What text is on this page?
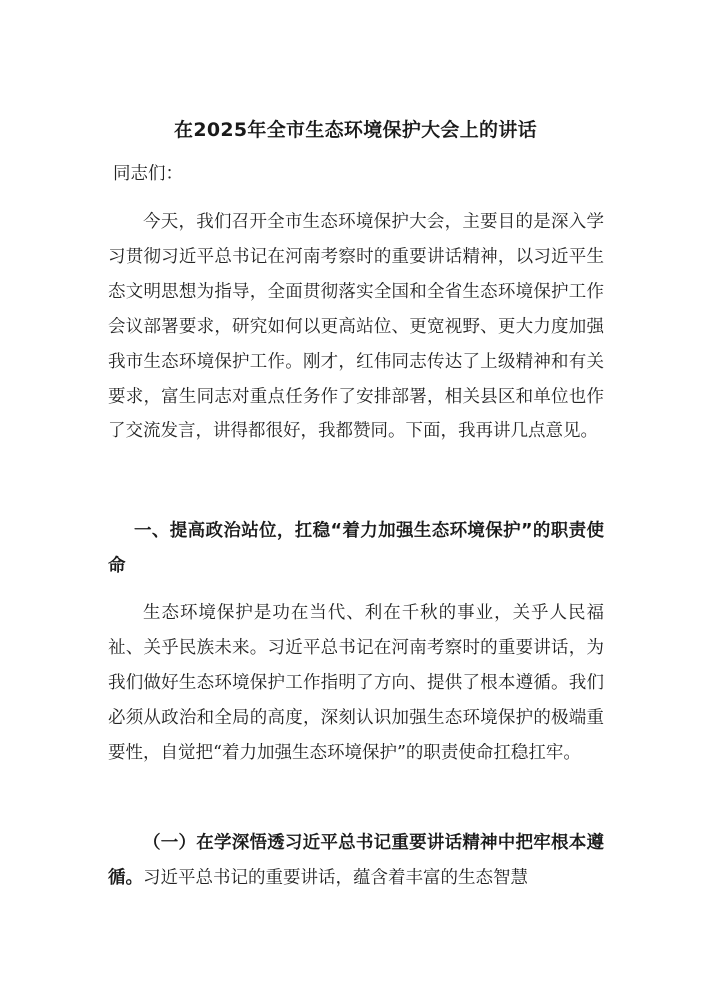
在2025年全市生态环境保护大会上的讲话
同志们：

今天，我们召开全市生态环境保护大会，主要目的是深入学习贯彻习近平总书记在河南考察时的重要讲话精神，以习近平生态文明思想为指导，全面贯彻落实全国和全省生态环境保护工作会议部署要求，研究如何以更高站位、更宽视野、更大力度加强我市生态环境保护工作。刚才，红伟同志传达了上级精神和有关要求，富生同志对重点任务作了安排部署，相关县区和单位也作了交流发言，讲得都很好，我都赞同。下面，我再讲几点意见。

一、提高政治站位，扛稳“着力加强生态环境保护”的职责使命

生态环境保护是功在当代、利在千秋的事业，关乎人民福祉、关乎民族未来。习近平总书记在河南考察时的重要讲话，为我们做好生态环境保护工作指明了方向、提供了根本遵循。我们必须从政治和全局的高度，深刻认识加强生态环境保护的极端重要性，自觉把“着力加强生态环境保护”的职责使命扛稳扛牢。

（一）在学深悟透习近平总书记重要讲话精神中把牢根本遵循。习近平总书记的重要讲话，蕴含着丰富的生态智慧
